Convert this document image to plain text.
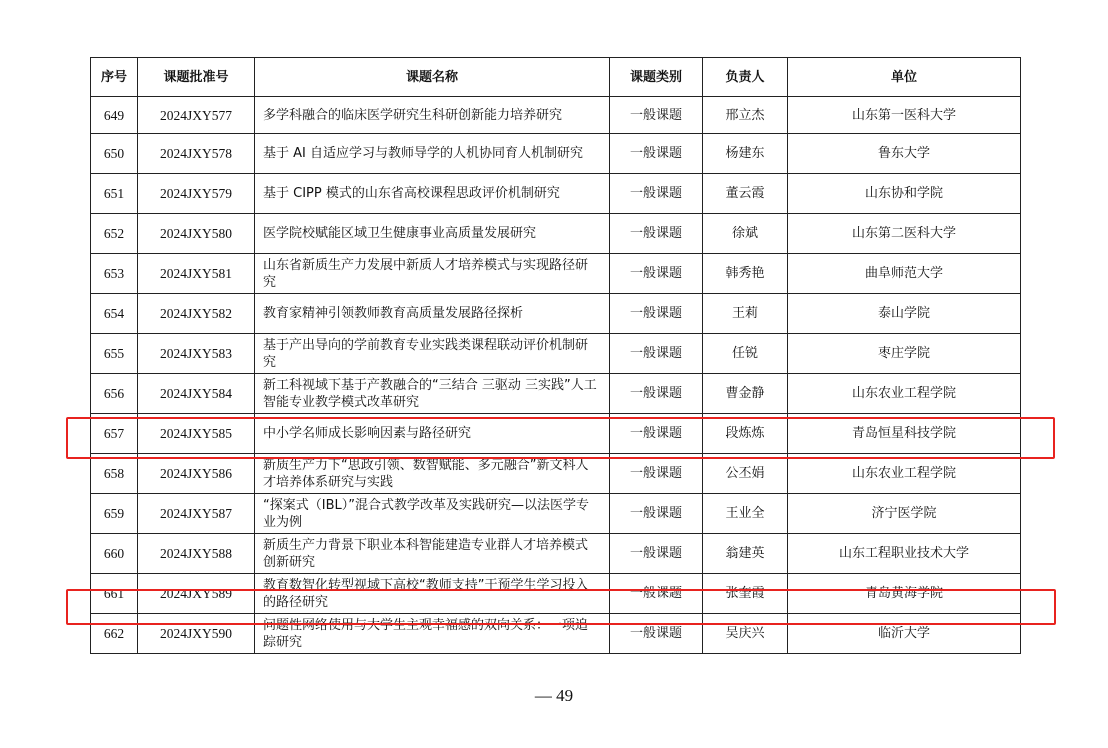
序号	课题批准号	课题名称	课题类别	负责人	单位
649	2024JXY577	多学科融合的临床医学研究生科研创新能力培养研究	一般课题	邢立杰	山东第一医科大学
650	2024JXY578	基于 AI 自适应学习与教师导学的人机协同育人机制研究	一般课题	杨建东	鲁东大学
651	2024JXY579	基于 CIPP 模式的山东省高校课程思政评价机制研究	一般课题	董云霞	山东协和学院
652	2024JXY580	医学院校赋能区域卫生健康事业高质量发展研究	一般课题	徐斌	山东第二医科大学
653	2024JXY581	山东省新质生产力发展中新质人才培养模式与实现路径研究	一般课题	韩秀艳	曲阜师范大学
654	2024JXY582	教育家精神引领教师教育高质量发展路径探析	一般课题	王莉	泰山学院
655	2024JXY583	基于产出导向的学前教育专业实践类课程联动评价机制研究	一般课题	任锐	枣庄学院
656	2024JXY584	新工科视域下基于产教融合的“三结合 三驱动 三实践”人工智能专业教学模式改革研究	一般课题	曹金静	山东农业工程学院
657	2024JXY585	中小学名师成长影响因素与路径研究	一般课题	段炼炼	青岛恒星科技学院
658	2024JXY586	新质生产力下“思政引领、数智赋能、多元融合”新文科人才培养体系研究与实践	一般课题	公丕娟	山东农业工程学院
659	2024JXY587	“探案式（IBL）”混合式教学改革及实践研究—以法医学专业为例	一般课题	王业全	济宁医学院
660	2024JXY588	新质生产力背景下职业本科智能建造专业群人才培养模式创新研究	一般课题	翁建英	山东工程职业技术大学
661	2024JXY589	教育数智化转型视域下高校“教师支持”干预学生学习投入的路径研究	一般课题	张奎霞	青岛黄海学院
662	2024JXY590	问题性网络使用与大学生主观幸福感的双向关系：一项追踪研究	一般课题	吴庆兴	临沂大学
— 49
